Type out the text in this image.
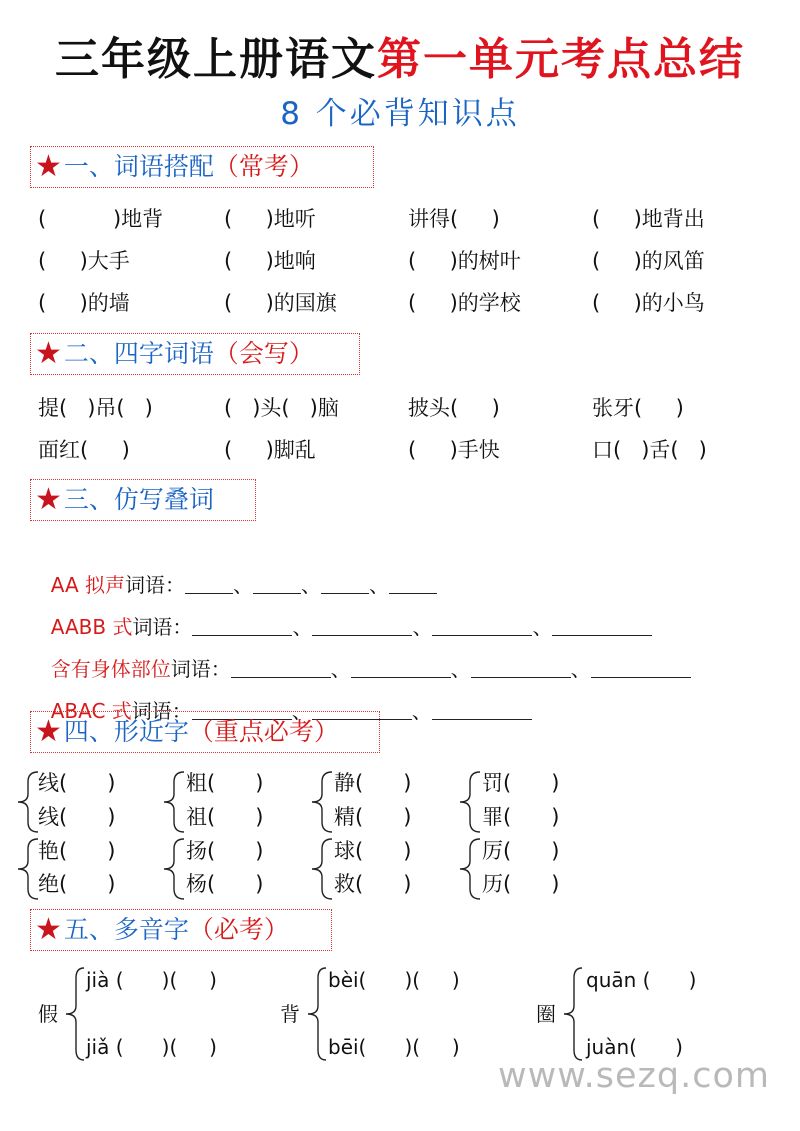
三年级上册语文第一单元考点总结
8 个必背知识点
★ 一、词语搭配 （常考）
(          )地背	(     )地听	讲得(     )	(     )地背出
(     )大手	(     )地响	(     )的树叶	(     )的风笛
(     )的墙	(     )的国旗	(     )的学校	(     )的小鸟
★ 二、四字词语 （会写）
提(   )吊(   )	(   )头(   )脑	披头(     )	张牙(     )
面红(     )	(     )脚乱	(     )手快	口(   )舌(   )
★ 三、仿写叠词

AA 拟声词语： 、 、 、

AABB 式词语：	、	、	、

含有身体部位词语：	、	、	、

ABAC 式词语：	、	、

★ 四、形近字 （重点必考）
线(      )	粗(      )	静(      )	罚(      )
线(      )	祖(      )	精(      )	罪(      )
艳(      )	扬(      )	球(      )	厉(      )
绝(      )	杨(      )	救(      )	历(      )
★ 五、多音字 （必考）
假
jià (      )(     )
jiǎ (      )(     )
背
bèi(      )(     )
bēi(      )(     )
圈
quān (      )
juàn(      )
www.sezq.com
